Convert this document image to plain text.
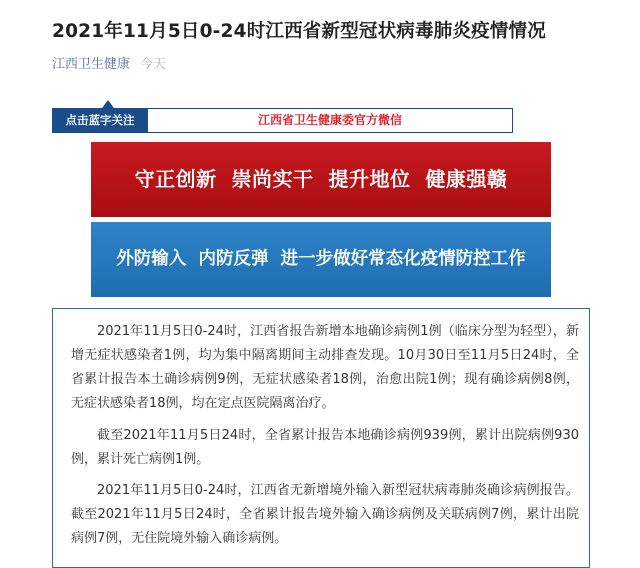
2021年11月5日0-24时江西省新型冠状病毒肺炎疫情情况
江西卫生健康 今天
点击蓝字关注	江西省卫生健康委官方微信
守正创新  崇尚实干  提升地位  健康强赣
外防输入  内防反弹  进一步做好常态化疫情防控工作

2021年11月5日0-24时，江西省报告新增本地确诊病例1例（临床分型为轻型），新增无症状感染者1例，均为集中隔离期间主动排查发现。10月30日至11月5日24时，全省累计报告本土确诊病例9例，无症状感染者18例，治愈出院1例；现有确诊病例8例，无症状感染者18例，均在定点医院隔离治疗。

截至2021年11月5日24时，全省累计报告本地确诊病例939例，累计出院病例930例，累计死亡病例1例。

2021年11月5日0-24时，江西省无新增境外输入新型冠状病毒肺炎确诊病例报告。截至2021年11月5日24时，全省累计报告境外输入确诊病例及关联病例7例，累计出院病例7例，无住院境外输入确诊病例。
